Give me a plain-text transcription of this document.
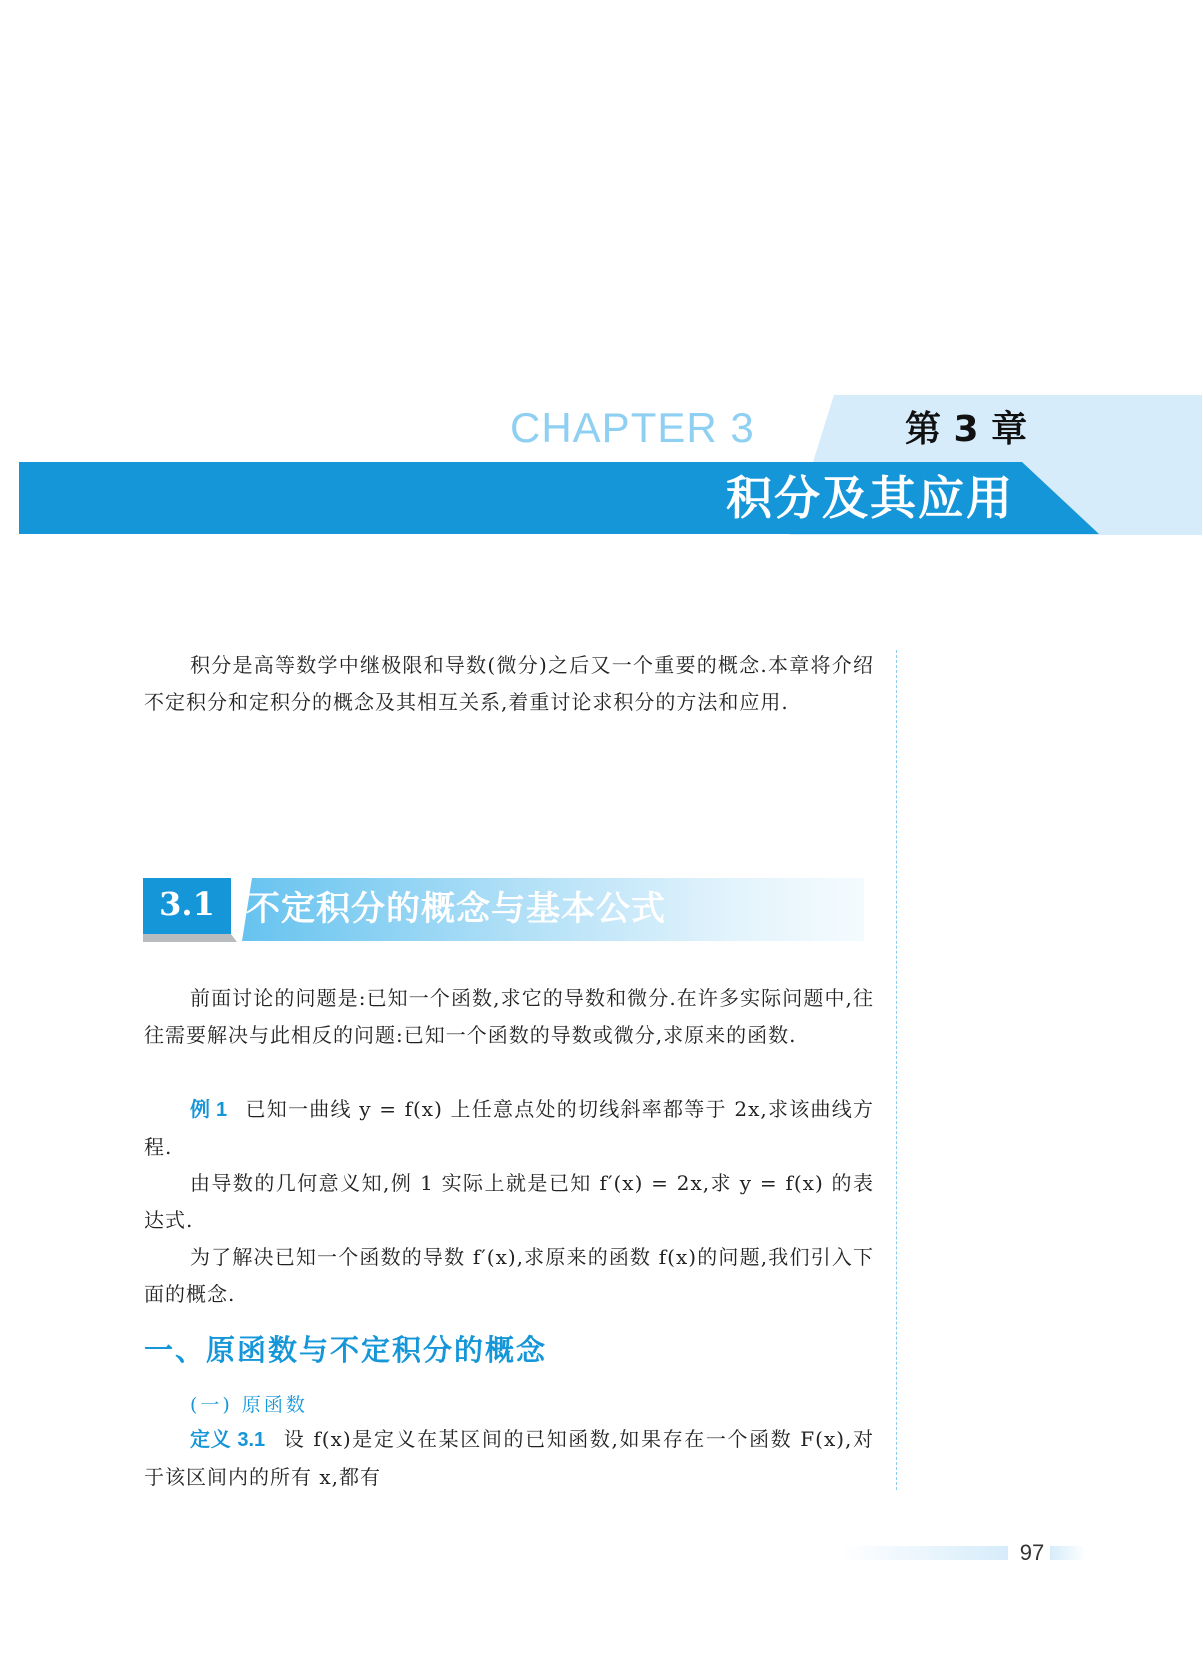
CHAPTER 3	第 3 章
积分及其应用
积分是高等数学中继极限和导数(微分)之后又一个重要的概念.本章将介绍不定积分和定积分的概念及其相互关系,着重讨论求积分的方法和应用.
3.1 不定积分的概念与基本公式
前面讨论的问题是:已知一个函数,求它的导数和微分.在许多实际问题中,往往需要解决与此相反的问题:已知一个函数的导数或微分,求原来的函数.
例 1 已知一曲线 y = f(x) 上任意点处的切线斜率都等于 2x,求该曲线方程.
由导数的几何意义知,例 1 实际上就是已知 f′(x) = 2x,求 y = f(x) 的表达式.
为了解决已知一个函数的导数 f′(x),求原来的函数 f(x)的问题,我们引入下面的概念.
一、原函数与不定积分的概念
(一) 原函数
定义 3.1 设 f(x)是定义在某区间的已知函数,如果存在一个函数 F(x),对于该区间内的所有 x,都有
97
